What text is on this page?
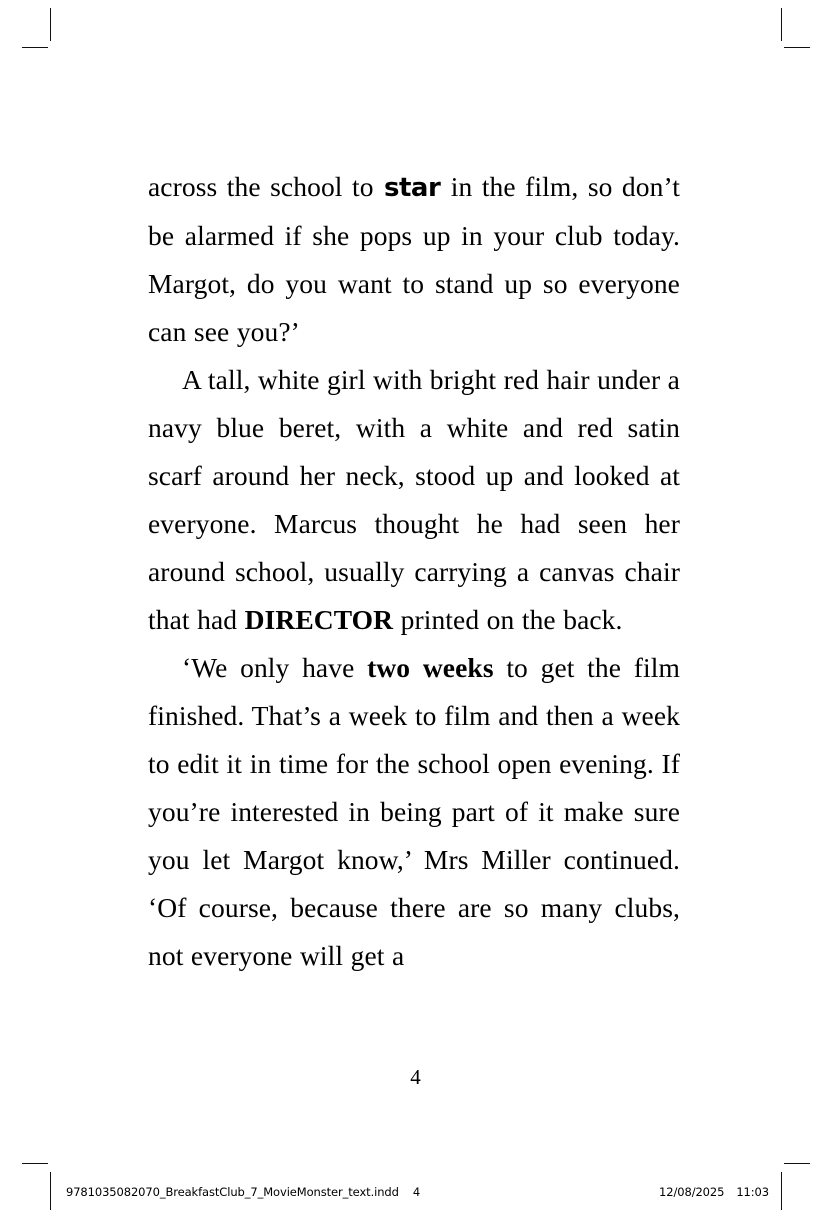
across the school to star in the film, so don’t be alarmed if she pops up in your club today. Margot, do you want to stand up so everyone can see you?’

A tall, white girl with bright red hair under a navy blue beret, with a white and red satin scarf around her neck, stood up and looked at everyone. Marcus thought he had seen her around school, usually carrying a canvas chair that had DIRECTOR printed on the back.

‘We only have two weeks to get the film finished. That’s a week to film and then a week to edit it in time for the school open evening. If you’re interested in being part of it make sure you let Margot know,’ Mrs Miller continued. ‘Of course, because there are so many clubs, not everyone will get a

4
9781035082070_BreakfastClub_7_MovieMonster_text.indd 4	12/08/2025 11:03
